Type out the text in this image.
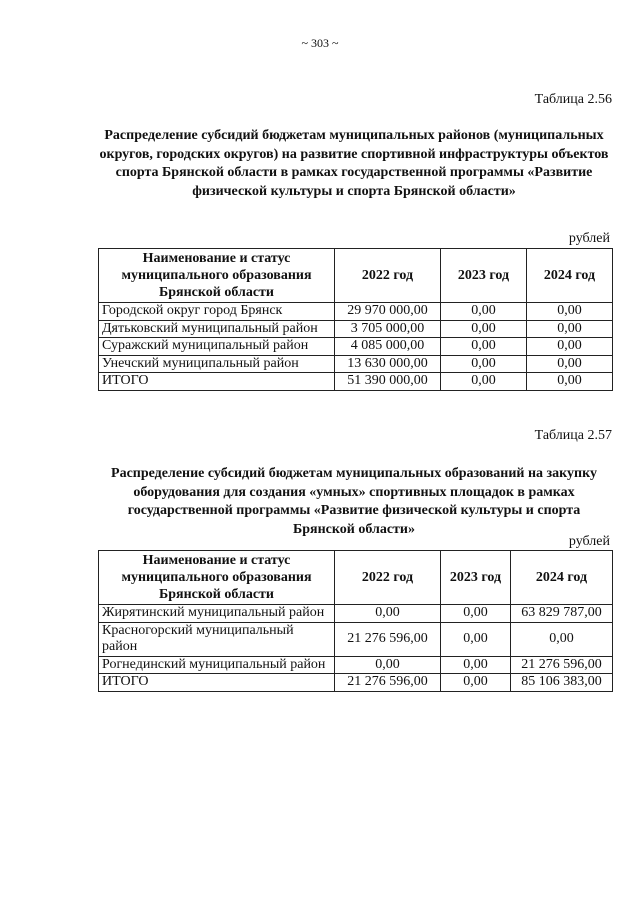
~ 303 ~
Таблица 2.56
Распределение субсидий бюджетам муниципальных районов (муниципальных округов, городских округов) на развитие спортивной инфраструктуры объектов спорта Брянской области в рамках государственной программы «Развитие физической культуры и спорта Брянской области»
рублей
Наименование и статус муниципального образования Брянской области	2022 год	2023 год	2024 год
Городской округ город Брянск	29 970 000,00	0,00	0,00
Дятьковский муниципальный район	3 705 000,00	0,00	0,00
Суражский муниципальный район	4 085 000,00	0,00	0,00
Унечский муниципальный район	13 630 000,00	0,00	0,00
ИТОГО	51 390 000,00	0,00	0,00
Таблица 2.57
Распределение субсидий бюджетам муниципальных образований на закупку оборудования для создания «умных» спортивных площадок в рамках государственной программы «Развитие физической культуры и спорта Брянской области»
рублей
Наименование и статус муниципального образования Брянской области	2022 год	2023 год	2024 год
Жирятинский муниципальный район	0,00	0,00	63 829 787,00
Красногорский муниципальный район	21 276 596,00	0,00	0,00
Рогнединский муниципальный район	0,00	0,00	21 276 596,00
ИТОГО	21 276 596,00	0,00	85 106 383,00
